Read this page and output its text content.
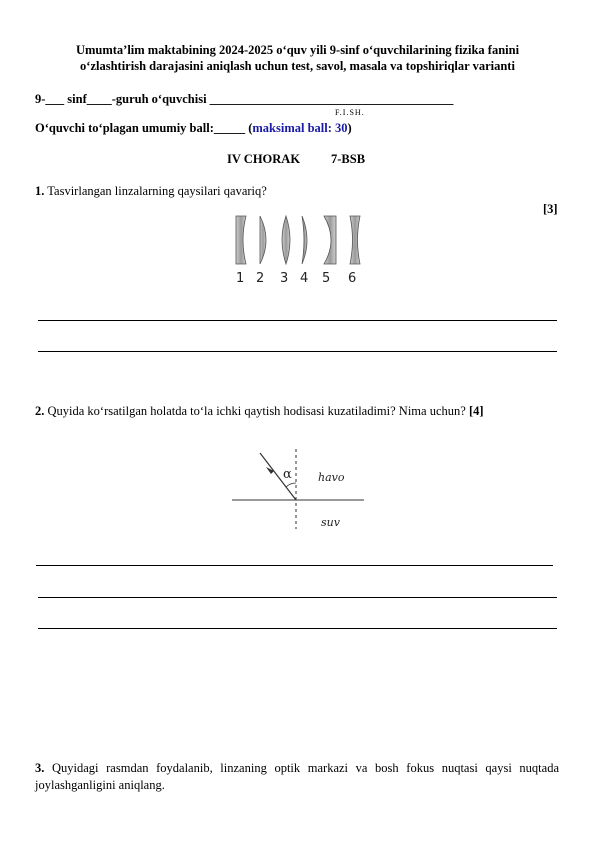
Umumta’lim maktabining 2024-2025 o‘quv yili 9-sinf o‘quvchilarining fizika fanini
o‘zlashtirish darajasini aniqlash uchun test, savol, masala va topshiriqlar varianti
9-___ sinf____-guruh o‘quvchisi _______________________________________
F.I.SH.
O‘quvchi to‘plagan umumiy ball:_____ (maksimal ball: 30)
IV CHORAK 7-BSB
1. Tasvirlangan linzalarning qaysilari qavariq?
[3]
1 2 3 4 5 6
2. Quyida ko‘rsatilgan holatda to‘la ichki qaytish hodisasi kuzatiladimi? Nima uchun? [4]
α havo
suv
3. Quyidagi rasmdan foydalanib, linzaning optik markazi va bosh fokus nuqtasi qaysi nuqtada joylashganligini aniqlang.
